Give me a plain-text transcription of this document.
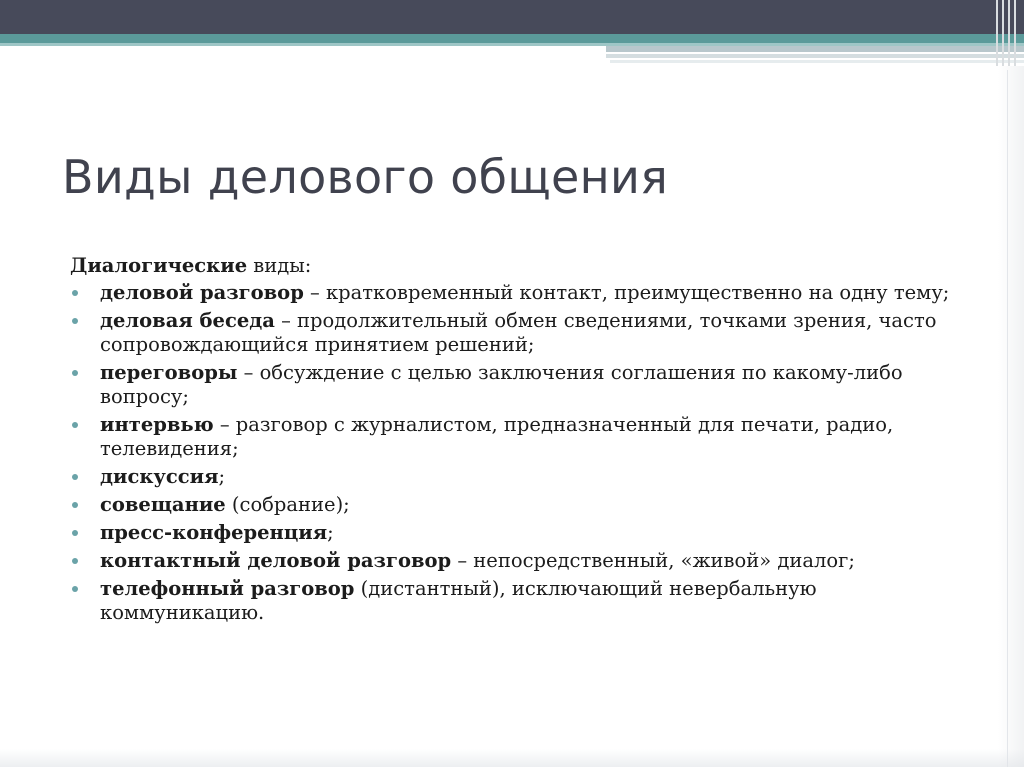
Виды делового общения

Диалогические виды:

деловой разговор – кратковременный контакт, преимущественно на одну тему;
деловая беседа – продолжительный обмен сведениями, точками зрения, часто сопровождающийся принятием решений;
переговоры – обсуждение с целью заключения соглашения по какому-либо вопросу;
интервью – разговор с журналистом, предназначенный для печати, радио, телевидения;
дискуссия;
совещание (собрание);
пресс-конференция;
контактный деловой разговор – непосредственный, «живой» диалог;
телефонный разговор (дистантный), исключающий невербальную коммуникацию.
